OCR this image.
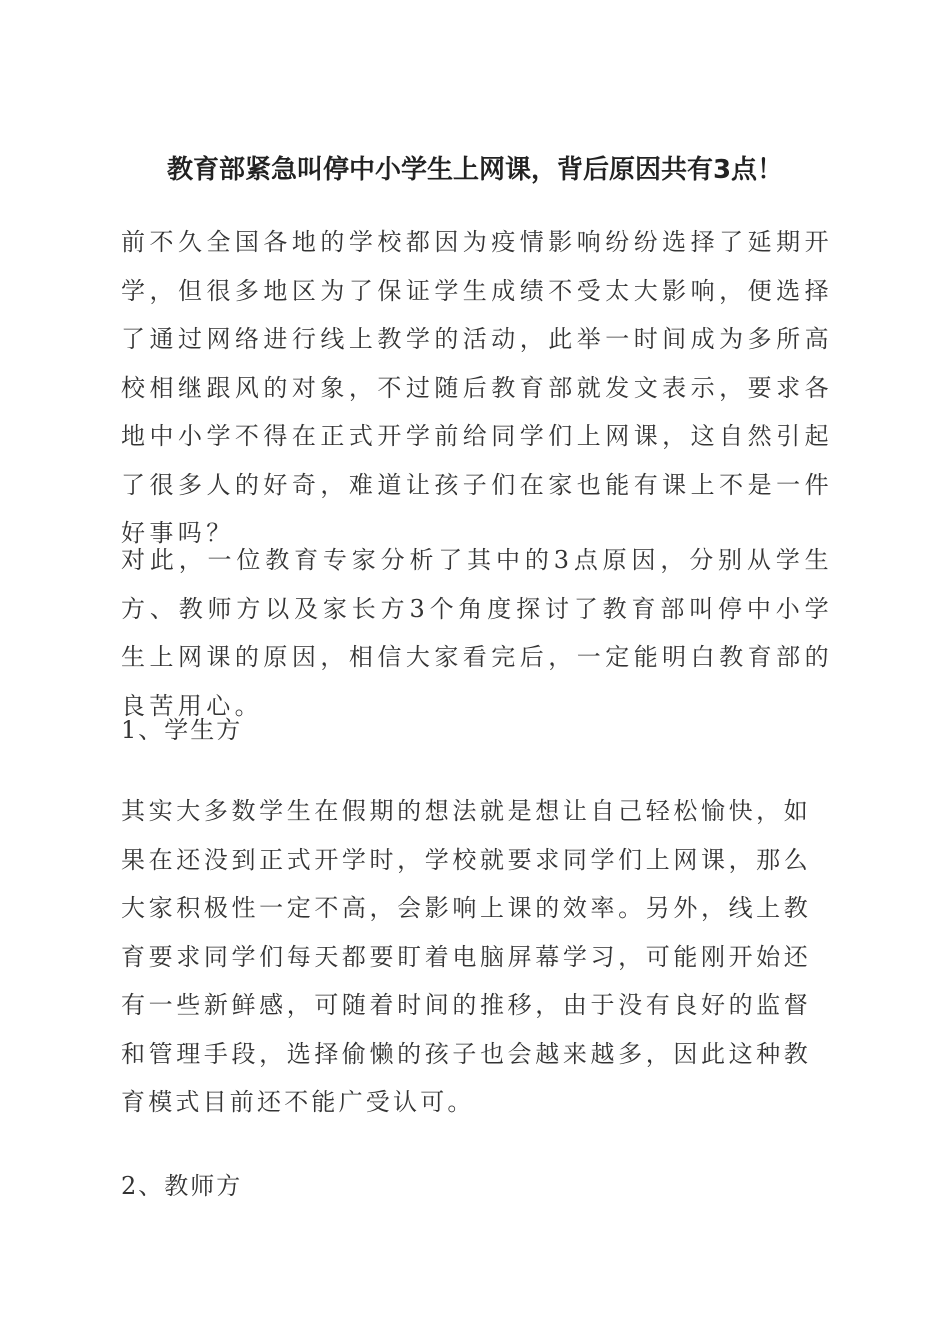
教育部紧急叫停中小学生上网课，背后原因共有3点！

前不久全国各地的学校都因为疫情影响纷纷选择了延期开学，但很多地区为了保证学生成绩不受太大影响，便选择了通过网络进行线上教学的活动，此举一时间成为多所高校相继跟风的对象，不过随后教育部就发文表示，要求各地中小学不得在正式开学前给同学们上网课，这自然引起了很多人的好奇，难道让孩子们在家也能有课上不是一件好事吗？

对此，一位教育专家分析了其中的3点原因，分别从学生方、教师方以及家长方3个角度探讨了教育部叫停中小学生上网课的原因，相信大家看完后，一定能明白教育部的良苦用心。

1、学生方

其实大多数学生在假期的想法就是想让自己轻松愉快，如果在还没到正式开学时，学校就要求同学们上网课，那么大家积极性一定不高，会影响上课的效率。另外，线上教育要求同学们每天都要盯着电脑屏幕学习，可能刚开始还有一些新鲜感，可随着时间的推移，由于没有良好的监督和管理手段，选择偷懒的孩子也会越来越多，因此这种教育模式目前还不能广受认可。

2、教师方
